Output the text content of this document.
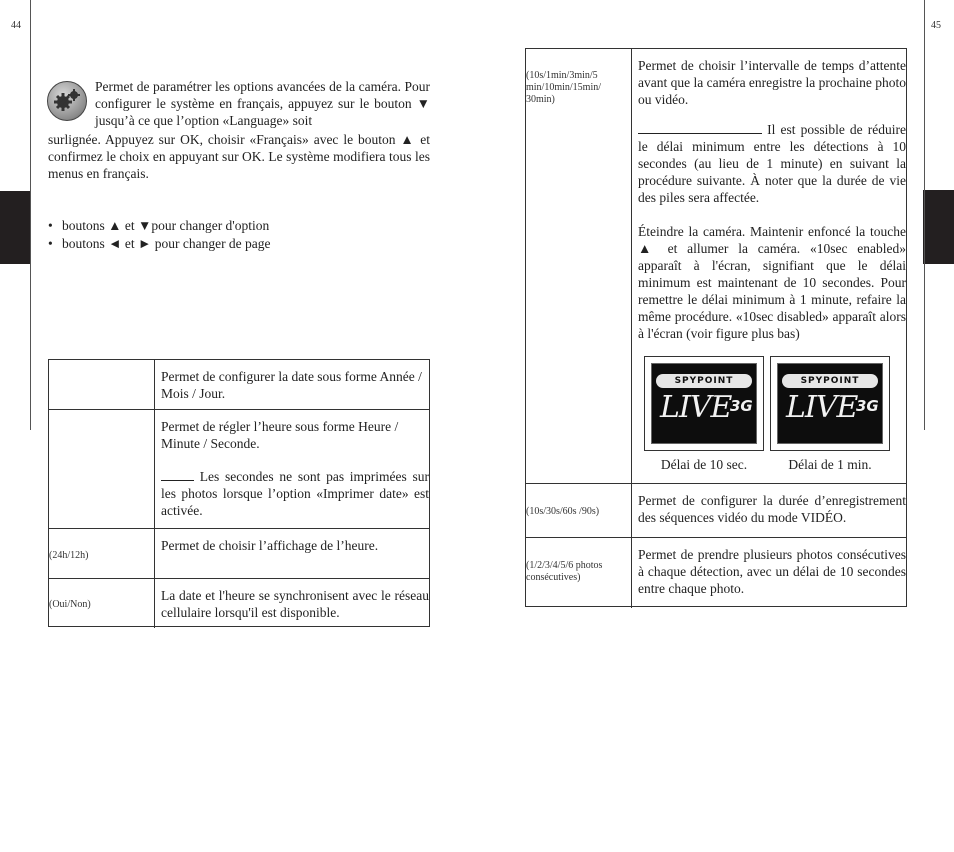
44	45
Permet de paramétrer les options avancées de la caméra. Pour configurer le système en français, appuyez sur le bouton ▼ jusqu’à ce que l’option «Language» soit
surlignée. Appuyez sur OK, choisir «Français» avec le bouton ▲ et confirmez le choix en appuyant sur OK. Le système modifiera tous les menus en français.
• boutons ▲ et ▼pour changer d'option
• boutons ◄ et ► pour changer de page
Permet de configurer la date sous forme Année / Mois / Jour.
Permet de régler l’heure sous forme Heure / Minute / Seconde.
Les secondes ne sont pas imprimées sur les photos lorsque l’option «Imprimer date» est activée.
(24h/12h)
Permet de choisir l’affichage de l’heure.
(Oui/Non)
La date et l'heure se synchronisent avec le réseau cellulaire lorsqu'il est disponible.
(10s/1min/3min/5 min/10min/15min/ 30min)
Permet de choisir l’intervalle de temps d’attente avant que la caméra enregistre la prochaine photo ou vidéo.
Il est possible de réduire le délai minimum entre les détections à 10 secondes (au lieu de 1 minute) en suivant la procédure suivante. À noter que la durée de vie des piles sera affectée.
Éteindre la caméra. Maintenir enfoncé la touche ▲ et allumer la caméra. «10sec enabled» apparaît à l'écran, signifiant que le délai minimum est maintenant de 10 secondes. Pour remettre le délai minimum à 1 minute, refaire la même procédure. «10sec disabled» apparaît alors à l'écran (voir figure plus bas)
SPYPOINT
LIVE
3G
SPYPOINT
LIVE
3G
Délai de 10 sec.	Délai de 1 min.
(10s/30s/60s /90s)
Permet de configurer la durée d’enregistrement des séquences vidéo du mode VIDÉO.
(1/2/3/4/5/6 photos consécutives)
Permet de prendre plusieurs photos consécutives à chaque détection, avec un délai de 10 secondes entre chaque photo.
